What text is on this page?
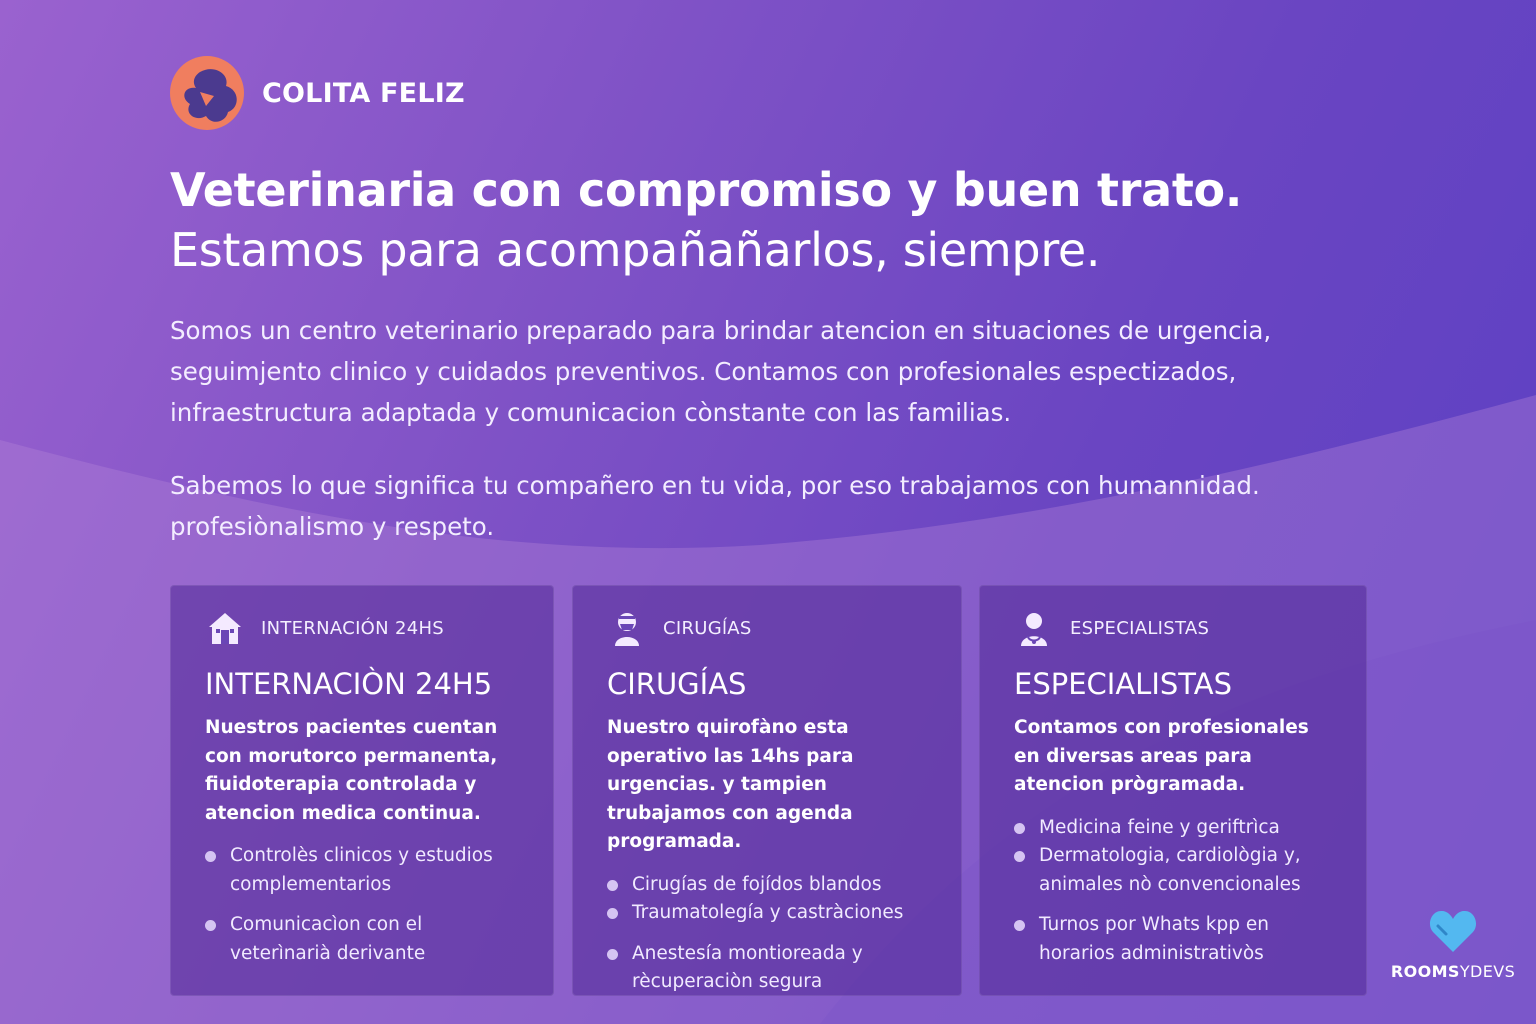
COLITA FELIZ
Veterinaria con compromiso y buen trato.
Estamos para acompañañarlos, siempre.

Somos un centro veterinario preparado para brindar atencion en situaciones de urgencia, seguimjento clinico y cuidados preventivos. Contamos con profesionales espectizados, infraestructura adaptada y comunicacion cònstante con las familias.

Sabemos lo que significa tu compañero en tu vida, por eso trabajamos con humannidad. profesiònalismo y respeto.

INTERNACIÓN 24HS
INTERNACIÒN 24H5
Nuestros pacientes cuentan con morutorco permanenta, fiuidoterapia controlada y atencion medica continua.
Controlès clinicos y estudios complementarios
Comunicacìon con el veterìnarià derivante
CIRUGĺAS
CIRUGÍAS
Nuestro quirofàno esta operativo las 14hs para urgencias. y tampien trubajamos con agenda programada.
Cirugías de fojídos blandos
Traumatolegía y castràciones
Anestesía montioreada y rècuperaciòn segura
ESPECIALISTAS
ESPECIALISTAS
Contamos con profesionales en diversas areas para atencion prògramada.
Medicina feine y geriftrìca
Dermatologia, cardiològia y, animales nò convencionales
Turnos por Whats kpp en horarios administrativòs
ROOMSYDEVS
